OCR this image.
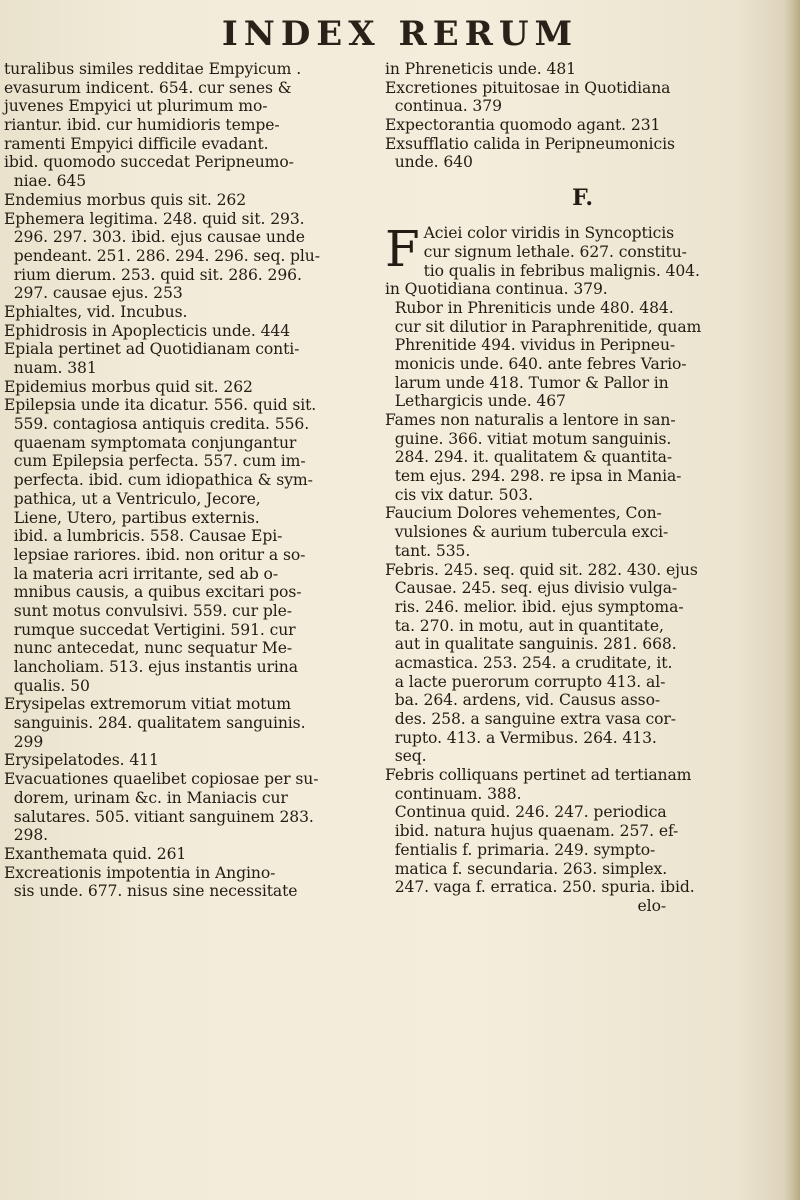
INDEX RERUM
turalibus similes redditae Empyicum .
evasurum indicent. 654. cur senes &
juvenes Empyici ut plurimum mo-
riantur. ibid. cur humidioris tempe-
ramenti Empyici difficile evadant.
ibid. quomodo succedat Peripneumo-
niae. 645
Endemius morbus quis sit. 262
Ephemera legitima. 248. quid sit. 293.
296. 297. 303. ibid. ejus causae unde
pendeant. 251. 286. 294. 296. seq. plu-
rium dierum. 253. quid sit. 286. 296.
297. causae ejus. 253
Ephialtes, vid. Incubus.
Ephidrosis in Apoplecticis unde. 444
Epiala pertinet ad Quotidianam conti-
nuam. 381
Epidemius morbus quid sit. 262
Epilepsia unde ita dicatur. 556. quid sit.
559. contagiosa antiquis credita. 556.
quaenam symptomata conjungantur
cum Epilepsia perfecta. 557. cum im-
perfecta. ibid. cum idiopathica & sym-
pathica, ut a Ventriculo, Jecore,
Liene, Utero, partibus externis.
ibid. a lumbricis. 558. Causae Epi-
lepsiae rariores. ibid. non oritur a so-
la materia acri irritante, sed ab o-
mnibus causis, a quibus excitari pos-
sunt motus convulsivi. 559. cur ple-
rumque succedat Vertigini. 591. cur
nunc antecedat, nunc sequatur Me-
lancholiam. 513. ejus instantis urina
qualis. 50
Erysipelas extremorum vitiat motum
sanguinis. 284. qualitatem sanguinis.
299
Erysipelatodes. 411
Evacuationes quaelibet copiosae per su-
dorem, urinam &c. in Maniacis cur
salutares. 505. vitiant sanguinem 283.
298.
Exanthemata quid. 261
Excreationis impotentia in Angino-
sis unde. 677. nisus sine necessitate
in Phreneticis unde. 481
Excretiones pituitosae in Quotidiana
continua. 379
Expectorantia quomodo agant. 231
Exsufflatio calida in Peripneumonicis
unde. 640
F.
F Aciei color viridis in Syncopticis
cur signum lethale. 627. constitu-
tio qualis in febribus malignis. 404.
in Quotidiana continua. 379.
Rubor in Phreniticis unde 480. 484.
cur sit dilutior in Paraphrenitide, quam
Phrenitide 494. vividus in Peripneu-
monicis unde. 640. ante febres Vario-
larum unde 418. Tumor & Pallor in
Lethargicis unde. 467
Fames non naturalis a lentore in san-
guine. 366. vitiat motum sanguinis.
284. 294. it. qualitatem & quantita-
tem ejus. 294. 298. re ipsa in Mania-
cis vix datur. 503.
Faucium Dolores vehementes, Con-
vulsiones & aurium tubercula exci-
tant. 535.
Febris. 245. seq. quid sit. 282. 430. ejus
Causae. 245. seq. ejus divisio vulga-
ris. 246. melior. ibid. ejus symptoma-
ta. 270. in motu, aut in quantitate,
aut in qualitate sanguinis. 281. 668.
acmastica. 253. 254. a cruditate, it.
a lacte puerorum corrupto 413. al-
ba. 264. ardens, vid. Causus asso-
des. 258. a sanguine extra vasa cor-
rupto. 413. a Vermibus. 264. 413.
seq.
Febris colliquans pertinet ad tertianam
continuam. 388.
Continua quid. 246. 247. periodica
ibid. natura hujus quaenam. 257. ef-
fentialis f. primaria. 249. sympto-
matica f. secundaria. 263. simplex.
247. vaga f. erratica. 250. spuria. ibid.
elo-
